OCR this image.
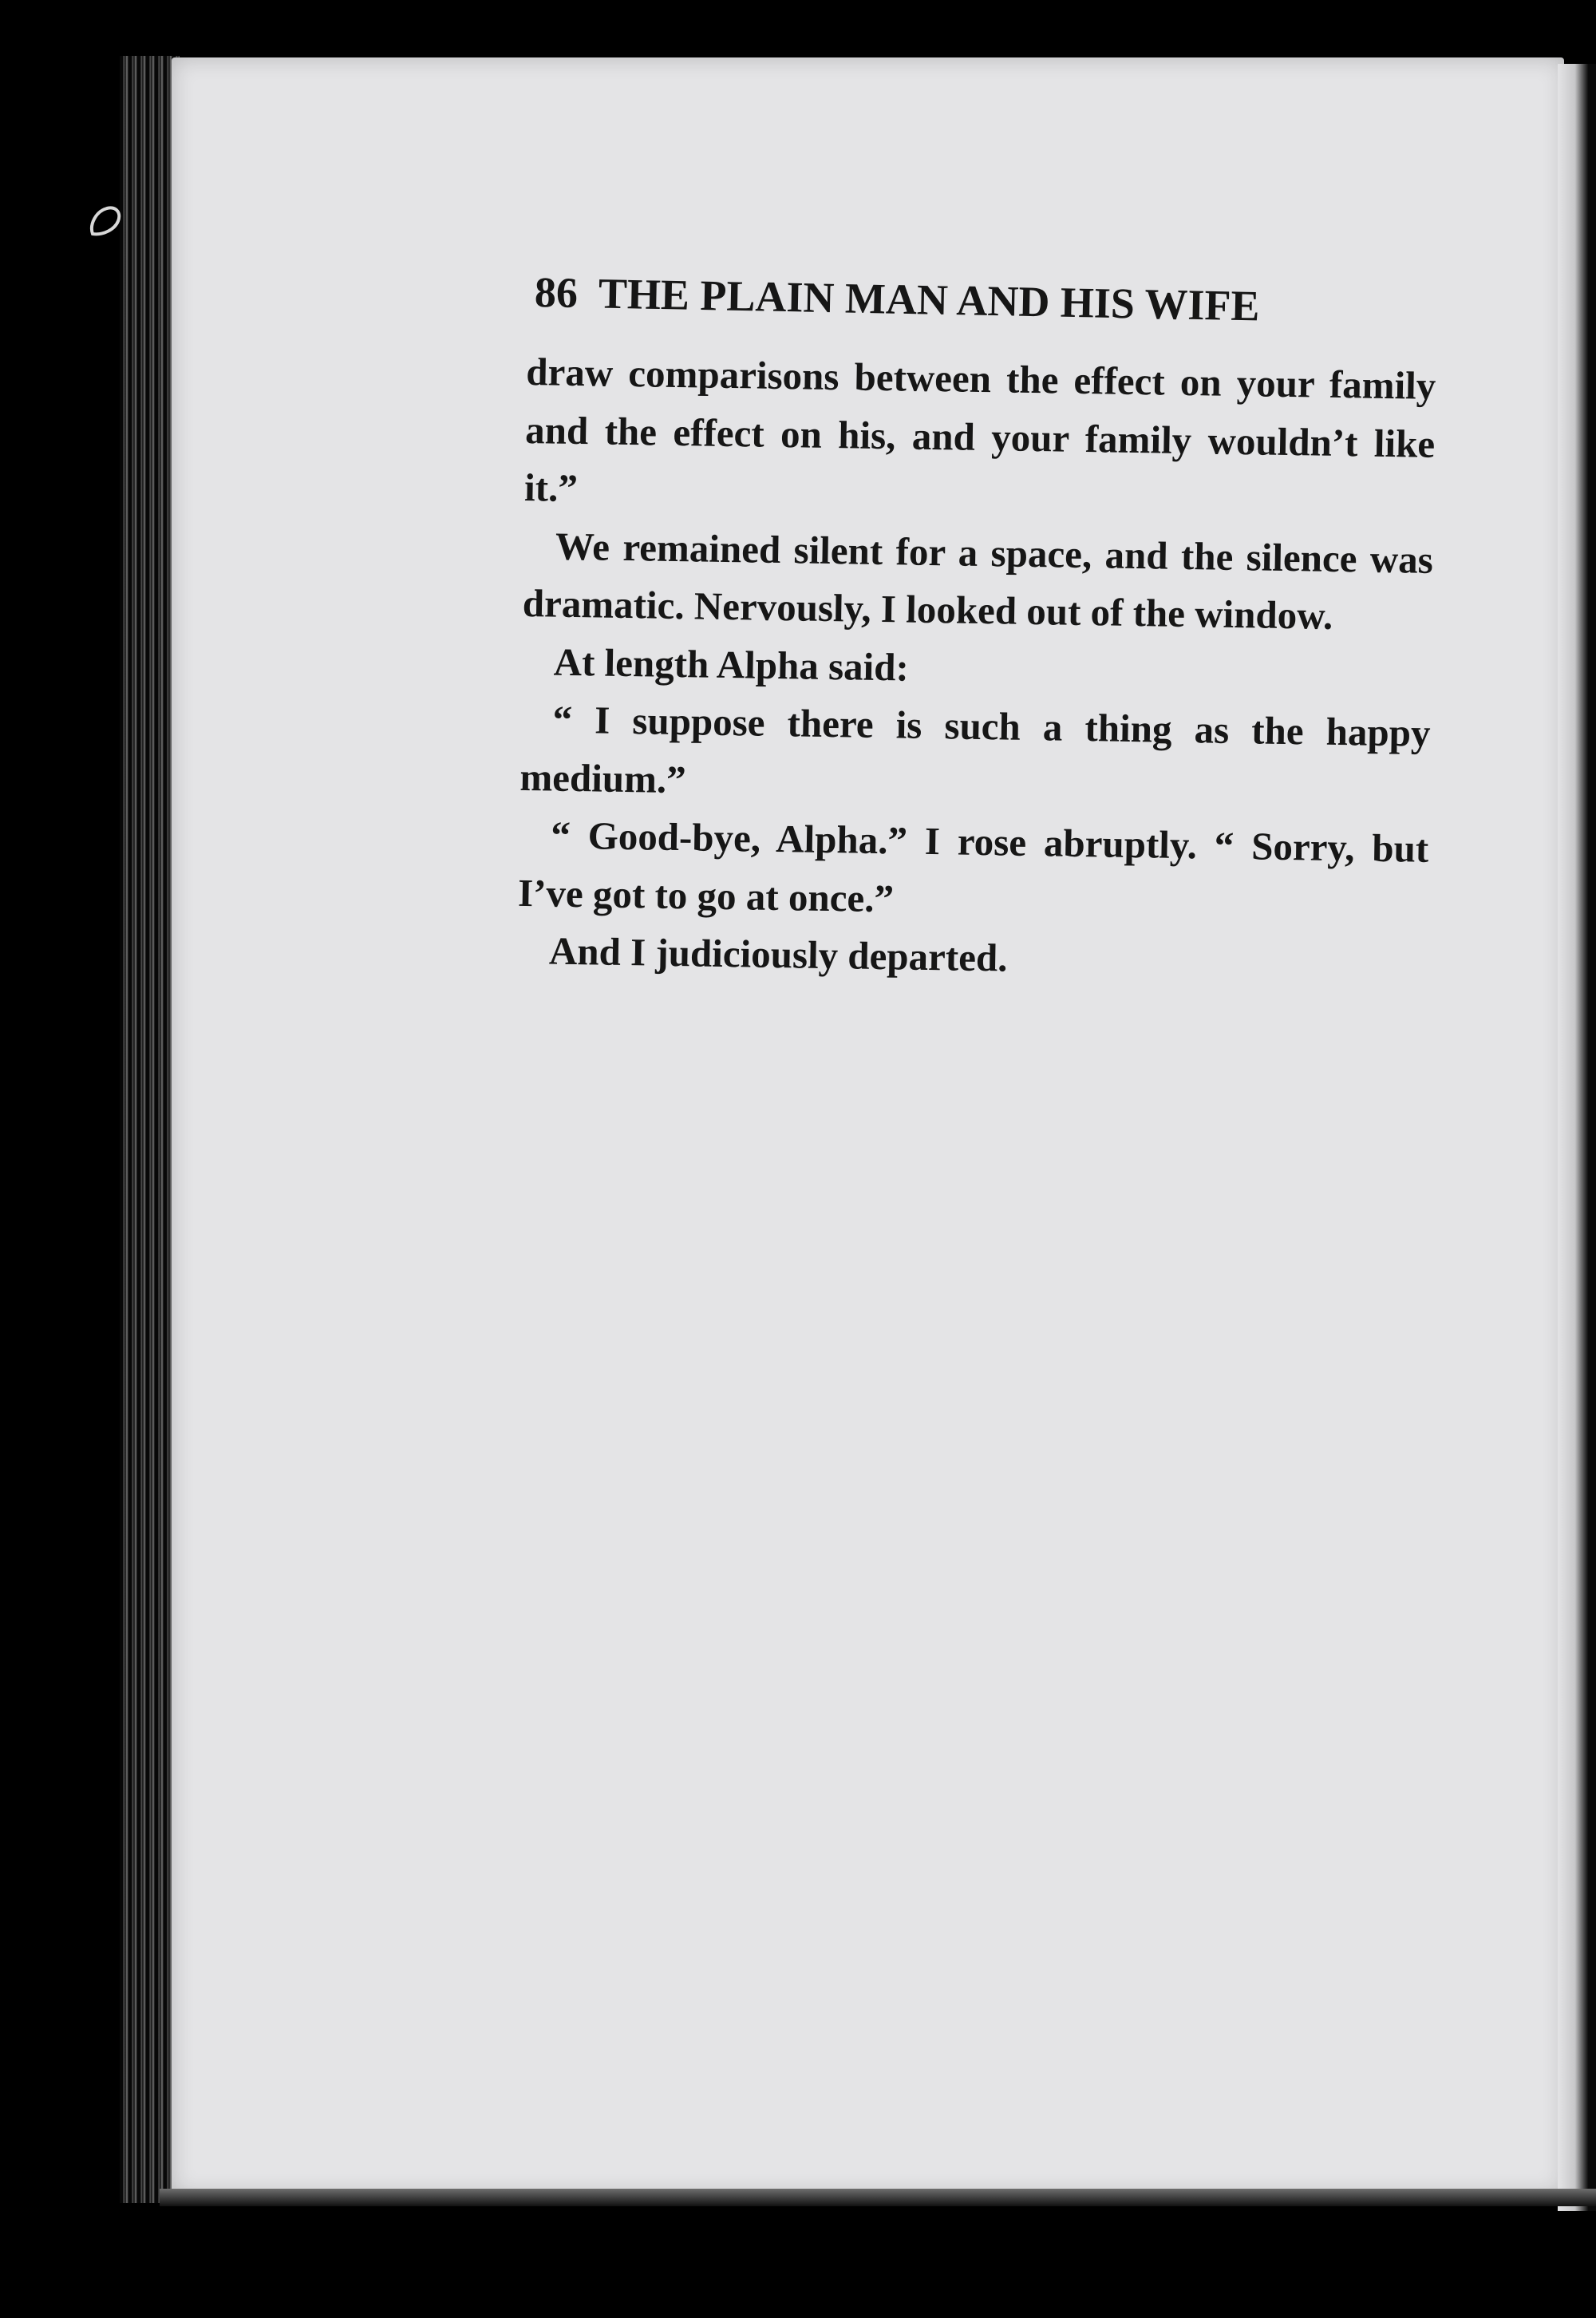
86 THE PLAIN MAN AND HIS WIFE

draw comparisons between the effect on your family and the effect on his, and your family wouldn’t like it.”

We remained silent for a space, and the silence was dramatic. Nervously, I looked out of the window.

At length Alpha said:

“ I suppose there is such a thing as the happy medium.”

“ Good-bye, Alpha.” I rose abruptly. “ Sorry, but I’ve got to go at once.”

And I judiciously departed.
